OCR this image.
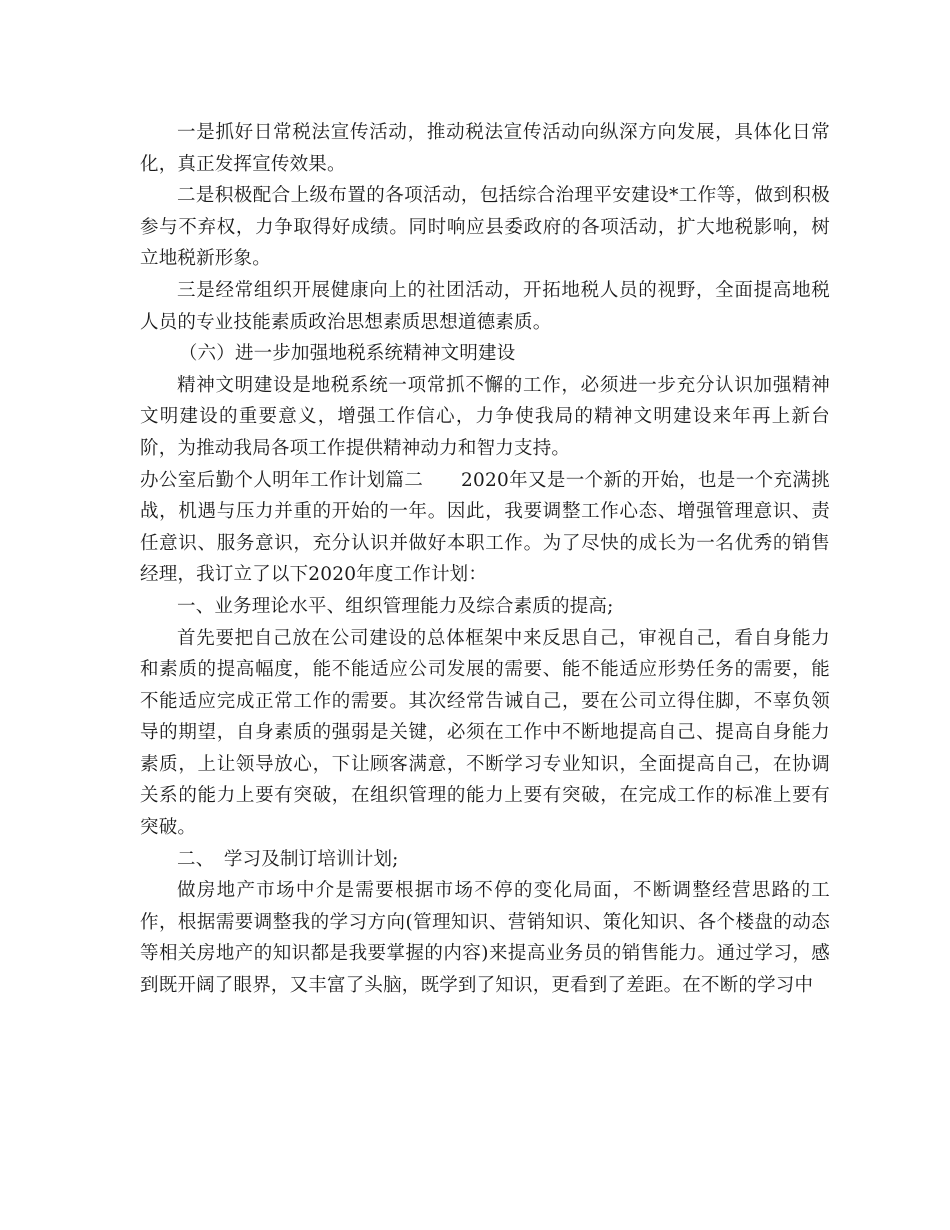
一是抓好日常税法宣传活动，推动税法宣传活动向纵深方向发展，具体化日常化，真正发挥宣传效果。

二是积极配合上级布置的各项活动，包括综合治理平安建设*工作等，做到积极参与不弃权，力争取得好成绩。同时响应县委政府的各项活动，扩大地税影响，树立地税新形象。

三是经常组织开展健康向上的社团活动，开拓地税人员的视野，全面提高地税人员的专业技能素质政治思想素质思想道德素质。

（六）进一步加强地税系统精神文明建设

精神文明建设是地税系统一项常抓不懈的工作，必须进一步充分认识加强精神文明建设的重要意义，增强工作信心，力争使我局的精神文明建设来年再上新台阶，为推动我局各项工作提供精神动力和智力支持。

办公室后勤个人明年工作计划篇二　　2020年又是一个新的开始，也是一个充满挑战，机遇与压力并重的开始的一年。因此，我要调整工作心态、增强管理意识、责任意识、服务意识，充分认识并做好本职工作。为了尽快的成长为一名优秀的销售经理，我订立了以下2020年度工作计划：

一、业务理论水平、组织管理能力及综合素质的提高;

首先要把自己放在公司建设的总体框架中来反思自己，审视自己，看自身能力和素质的提高幅度，能不能适应公司发展的需要、能不能适应形势任务的需要，能不能适应完成正常工作的需要。其次经常告诫自己，要在公司立得住脚，不辜负领导的期望，自身素质的强弱是关键，必须在工作中不断地提高自己、提高自身能力素质，上让领导放心，下让顾客满意，不断学习专业知识，全面提高自己，在协调关系的能力上要有突破，在组织管理的能力上要有突破，在完成工作的标准上要有突破。

二、　学习及制订培训计划;

做房地产市场中介是需要根据市场不停的变化局面，不断调整经营思路的工作，根据需要调整我的学习方向(管理知识、营销知识、策化知识、各个楼盘的动态等相关房地产的知识都是我要掌握的内容)来提高业务员的销售能力。通过学习，感到既开阔了眼界，又丰富了头脑，既学到了知识，更看到了差距。在不断的学习中
